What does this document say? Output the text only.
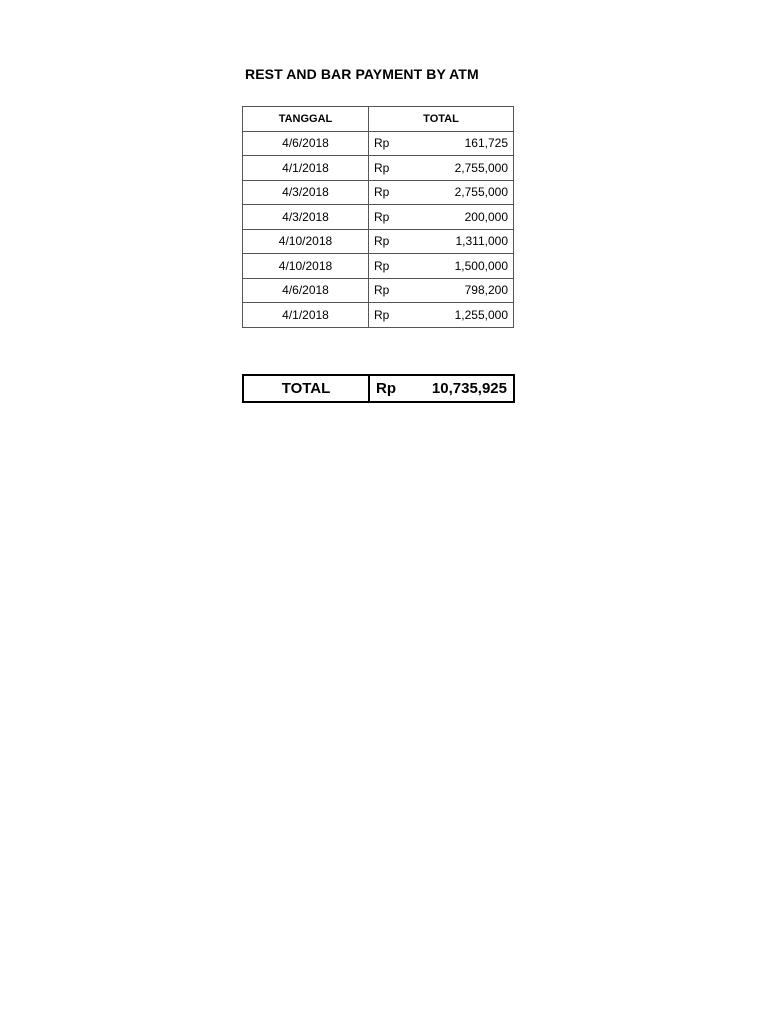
REST AND BAR PAYMENT BY ATM
TANGGAL	TOTAL
4/6/2018	Rp 161,725

4/1/2018	Rp 2,755,000

4/3/2018	Rp 2,755,000

4/3/2018	Rp 200,000

4/10/2018	Rp 1,311,000

4/10/2018	Rp 1,500,000

4/6/2018	Rp 798,200

4/1/2018	Rp 1,255,000
TOTAL	Rp 10,735,925
